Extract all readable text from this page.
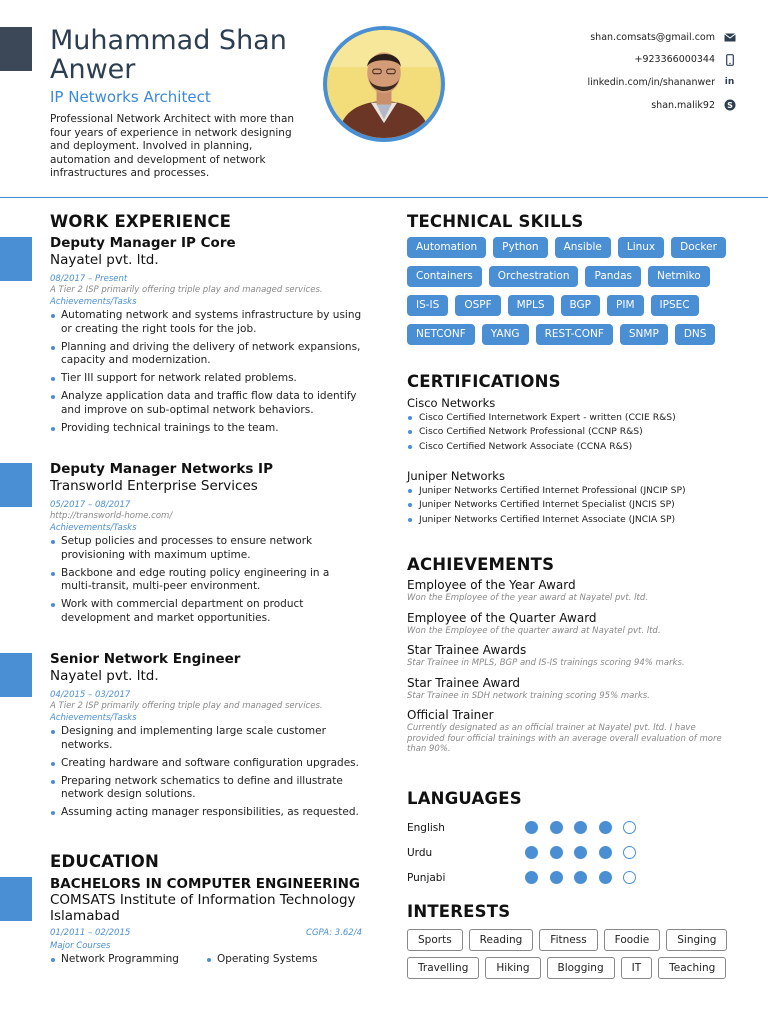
Muhammad Shan Anwer
IP Networks Architect
Professional Network Architect with more than four years of experience in network designing and deployment. Involved in planning, automation and development of network infrastructures and processes.
shan.comsats@gmail.com
+923366000344
linkedin.com/in/shananwer in
shan.malik92 S
WORK EXPERIENCE
Deputy Manager IP Core
Nayatel pvt. ltd.
08/2017 – Present
A Tier 2 ISP primarily offering triple play and managed services.
Achievements/Tasks
Automating network and systems infrastructure by using or creating the right tools for the job.
Planning and driving the delivery of network expansions, capacity and modernization.
Tier III support for network related problems.
Analyze application data and traffic flow data to identify and improve on sub-optimal network behaviors.
Providing technical trainings to the team.
Deputy Manager Networks IP
Transworld Enterprise Services
05/2017 – 08/2017
http://transworld-home.com/
Achievements/Tasks
Setup policies and processes to ensure network provisioning with maximum uptime.
Backbone and edge routing policy engineering in a multi-transit, multi-peer environment.
Work with commercial department on product development and market opportunities.
Senior Network Engineer
Nayatel pvt. ltd.
04/2015 – 03/2017
A Tier 2 ISP primarily offering triple play and managed services.
Achievements/Tasks
Designing and implementing large scale customer networks.
Creating hardware and software configuration upgrades.
Preparing network schematics to define and illustrate network design solutions.
Assuming acting manager responsibilities, as requested.
EDUCATION
BACHELORS IN COMPUTER ENGINEERING
COMSATS Institute of Information Technology Islamabad
01/2011 – 02/2015	CGPA: 3.62/4
Major Courses
Network Programming	Operating Systems
TECHNICAL SKILLS
Automation	Python	Ansible	Linux	Docker
Containers	Orchestration	Pandas	Netmiko
IS-IS	OSPF	MPLS	BGP	PIM	IPSEC
NETCONF	YANG	REST-CONF	SNMP	DNS
CERTIFICATIONS
Cisco Networks
Cisco Certified Internetwork Expert - written (CCIE R&S)
Cisco Certified Network Professional (CCNP R&S)
Cisco Certified Network Associate (CCNA R&S)
Juniper Networks
Juniper Networks Certified Internet Professional (JNCIP SP)
Juniper Networks Certified Internet Specialist (JNCIS SP)
Juniper Networks Certified Internet Associate (JNCIA SP)
ACHIEVEMENTS
Employee of the Year Award
Won the Employee of the year award at Nayatel pvt. ltd.
Employee of the Quarter Award
Won the Employee of the quarter award at Nayatel pvt. ltd.
Star Trainee Awards
Star Trainee in MPLS, BGP and IS-IS trainings scoring 94% marks.
Star Trainee Award
Star Trainee in SDH network training scoring 95% marks.
Official Trainer
Currently designated as an official trainer at Nayatel pvt. ltd. I have provided four official trainings with an average overall evaluation of more than 90%.
LANGUAGES
English
Urdu
Punjabi
INTERESTS
Sports	Reading	Fitness	Foodie	Singing
Travelling	Hiking	Blogging	IT	Teaching
